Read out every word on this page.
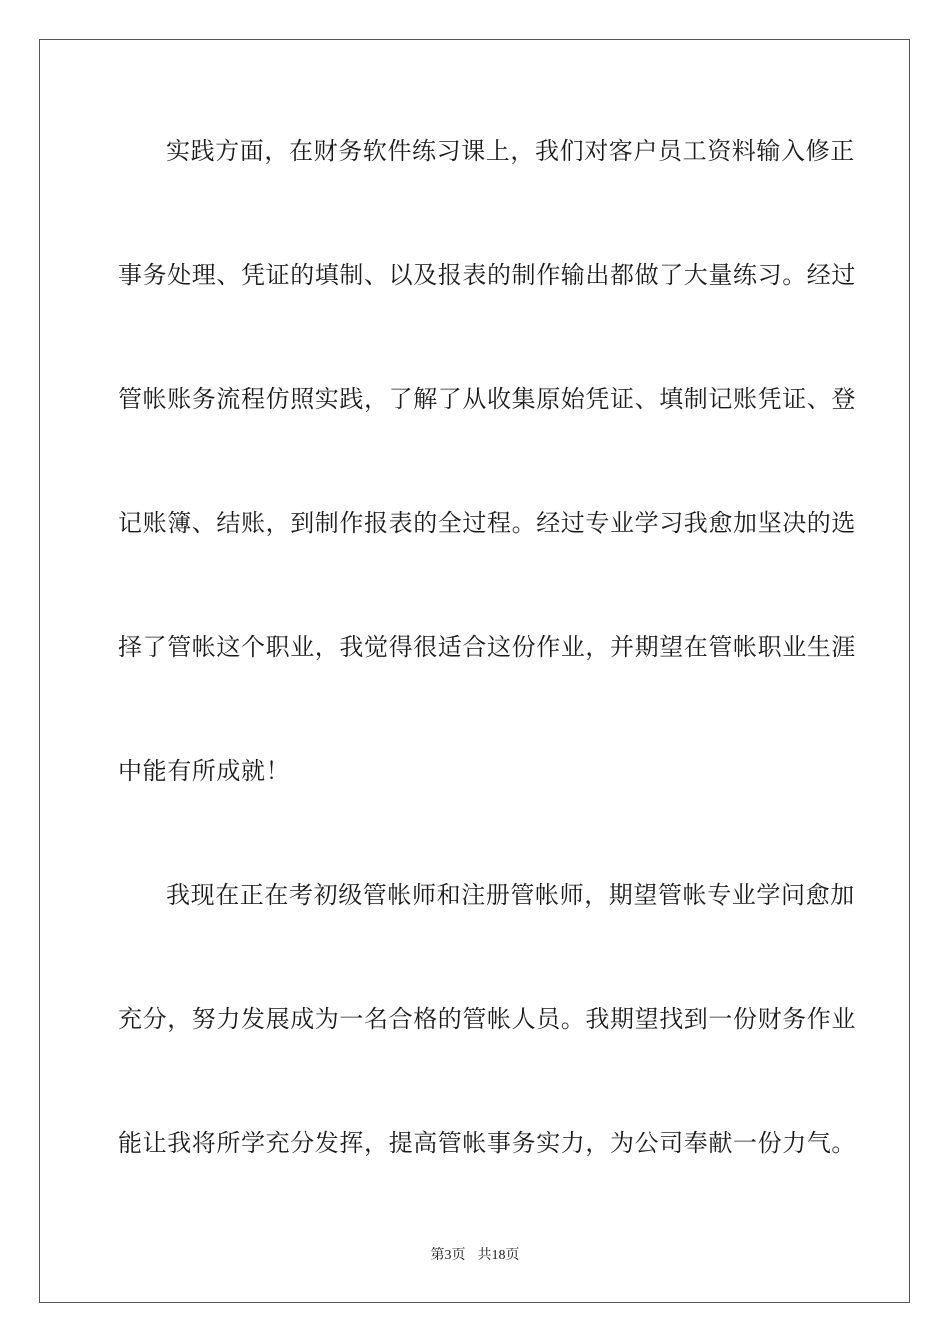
实践方面，在财务软件练习课上，我们对客户员工资料输入修正
事务处理、凭证的填制、以及报表的制作输出都做了大量练习。经过
管帐账务流程仿照实践，了解了从收集原始凭证、填制记账凭证、登
记账簿、结账，到制作报表的全过程。经过专业学习我愈加坚决的选
择了管帐这个职业，我觉得很适合这份作业，并期望在管帐职业生涯
中能有所成就！
我现在正在考初级管帐师和注册管帐师，期望管帐专业学问愈加
充分，努力发展成为一名合格的管帐人员。我期望找到一份财务作业
能让我将所学充分发挥，提高管帐事务实力，为公司奉献一份力气。
第3页 共18页
